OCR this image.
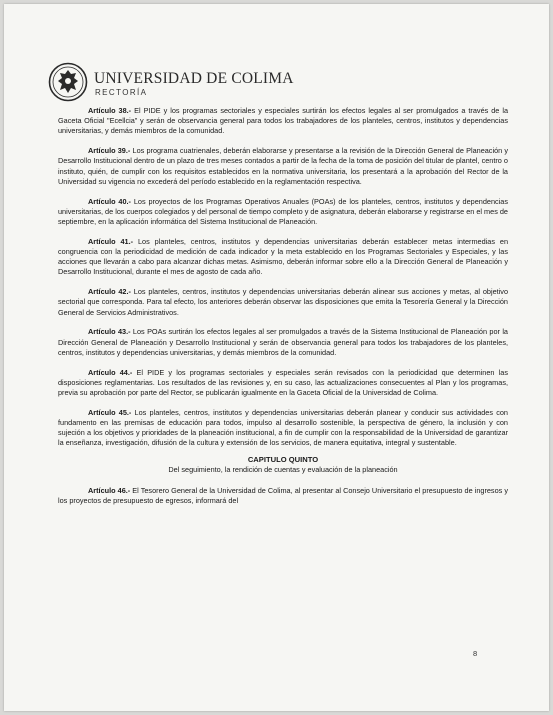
UNIVERSIDAD DE COLIMA
RECTORÍA

Artículo 38.- El PIDE y los programas sectoriales y especiales surtirán los efectos legales al ser promulgados a través de la Gaceta Oficial "Ecellcia" y serán de observancia general para todos los trabajadores de los planteles, centros, institutos y dependencias universitarias, y demás miembros de la comunidad.

Artículo 39.- Los programa cuatrienales, deberán elaborarse y presentarse a la revisión de la Dirección General de Planeación y Desarrollo Institucional dentro de un plazo de tres meses contados a partir de la fecha de la toma de posición del titular de plantel, centro o instituto, quién, de cumplir con los requisitos establecidos en la normativa universitaria, los presentará a la aprobación del Rector de la Universidad su vigencia no excederá del período establecido en la reglamentación respectiva.

Artículo 40.- Los proyectos de los Programas Operativos Anuales (POAs) de los planteles, centros, institutos y dependencias universitarias, de los cuerpos colegiados y del personal de tiempo completo y de asignatura, deberán elaborarse y registrarse en el mes de septiembre, en la aplicación informática del Sistema Institucional de Planeación.

Artículo 41.- Los planteles, centros, institutos y dependencias universitarias deberán establecer metas intermedias en congruencia con la periodicidad de medición de cada indicador y la meta establecido en los Programas Sectoriales y Especiales, y las acciones que llevarán a cabo para alcanzar dichas metas. Asimismo, deberán informar sobre ello a la Dirección General de Planeación y Desarrollo Institucional, durante el mes de agosto de cada año.

Artículo 42.- Los planteles, centros, institutos y dependencias universitarias deberán alinear sus acciones y metas, al objetivo sectorial que corresponda. Para tal efecto, los anteriores deberán observar las disposiciones que emita la Tesorería General y la Dirección General de Servicios Administrativos.

Artículo 43.- Los POAs surtirán los efectos legales al ser promulgados a través de la Sistema Institucional de Planeación por la Dirección General de Planeación y Desarrollo Institucional y serán de observancia general para todos los trabajadores de los planteles, centros, institutos y dependencias universitarias, y demás miembros de la comunidad.

Artículo 44.- El PIDE y los programas sectoriales y especiales serán revisados con la periodicidad que determinen las disposiciones reglamentarias. Los resultados de las revisiones y, en su caso, las actualizaciones consecuentes al Plan y los programas, previa su aprobación por parte del Rector, se publicarán igualmente en la Gaceta Oficial de la Universidad de Colima.

Artículo 45.- Los planteles, centros, institutos y dependencias universitarias deberán planear y conducir sus actividades con fundamento en las premisas de educación para todos, impulso al desarrollo sostenible, la perspectiva de género, la inclusión y con sujeción a los objetivos y prioridades de la planeación institucional, a fin de cumplir con la responsabilidad de la Universidad de garantizar la enseñanza, investigación, difusión de la cultura y extensión de los servicios, de manera equitativa, integral y sustentable.

CAPITULO QUINTO
Del seguimiento, la rendición de cuentas y evaluación de la planeación

Artículo 46.- El Tesorero General de la Universidad de Colima, al presentar al Consejo Universitario el presupuesto de ingresos y los proyectos de presupuesto de egresos, informará del

8
